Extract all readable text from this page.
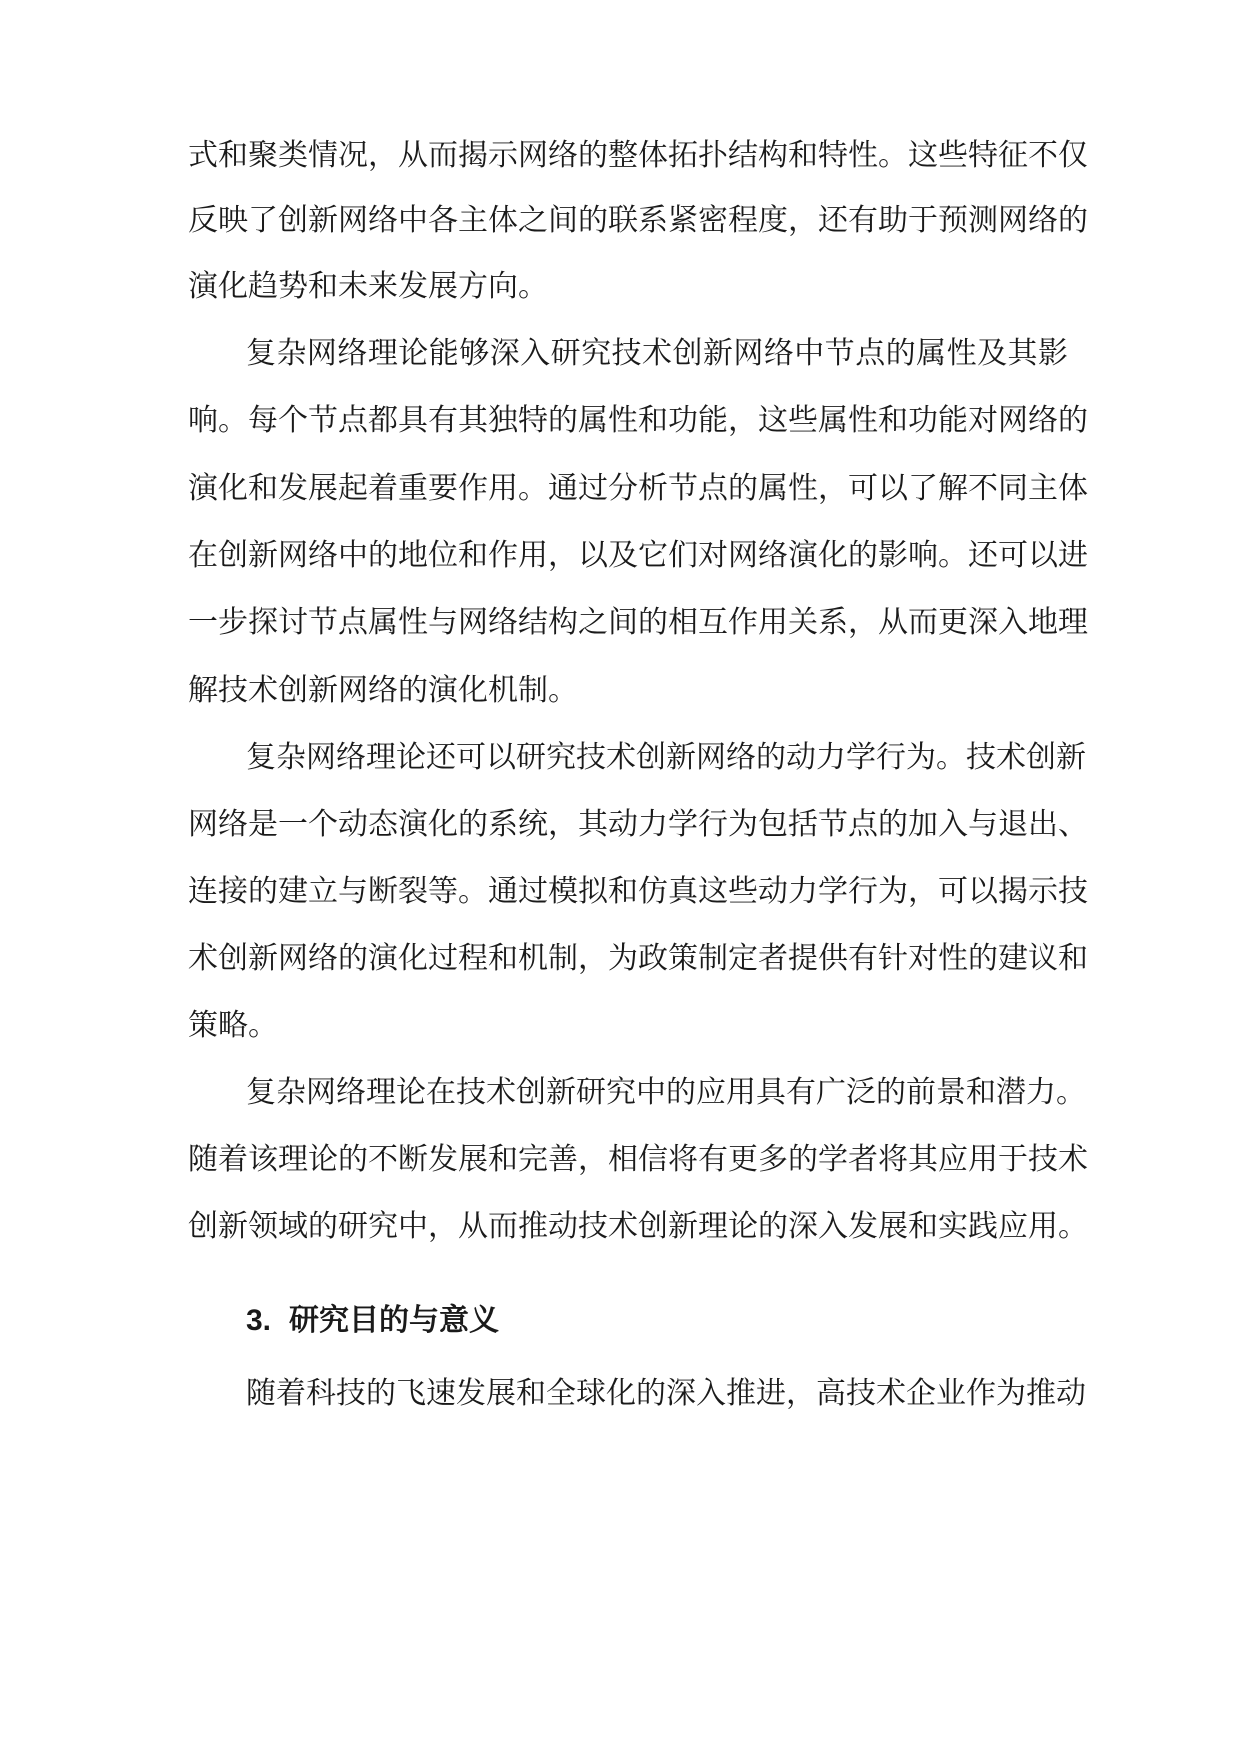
式和聚类情况，从而揭示网络的整体拓扑结构和特性。这些特征不仅
反映了创新网络中各主体之间的联系紧密程度，还有助于预测网络的
演化趋势和未来发展方向。
复杂网络理论能够深入研究技术创新网络中节点的属性及其影
响。每个节点都具有其独特的属性和功能，这些属性和功能对网络的
演化和发展起着重要作用。通过分析节点的属性，可以了解不同主体
在创新网络中的地位和作用，以及它们对网络演化的影响。还可以进
一步探讨节点属性与网络结构之间的相互作用关系，从而更深入地理
解技术创新网络的演化机制。
复杂网络理论还可以研究技术创新网络的动力学行为。技术创新
网络是一个动态演化的系统，其动力学行为包括节点的加入与退出、
连接的建立与断裂等。通过模拟和仿真这些动力学行为，可以揭示技
术创新网络的演化过程和机制，为政策制定者提供有针对性的建议和
策略。
复杂网络理论在技术创新研究中的应用具有广泛的前景和潜力。
随着该理论的不断发展和完善，相信将有更多的学者将其应用于技术
创新领域的研究中，从而推动技术创新理论的深入发展和实践应用。
3. 研究目的与意义
随着科技的飞速发展和全球化的深入推进，高技术企业作为推动
